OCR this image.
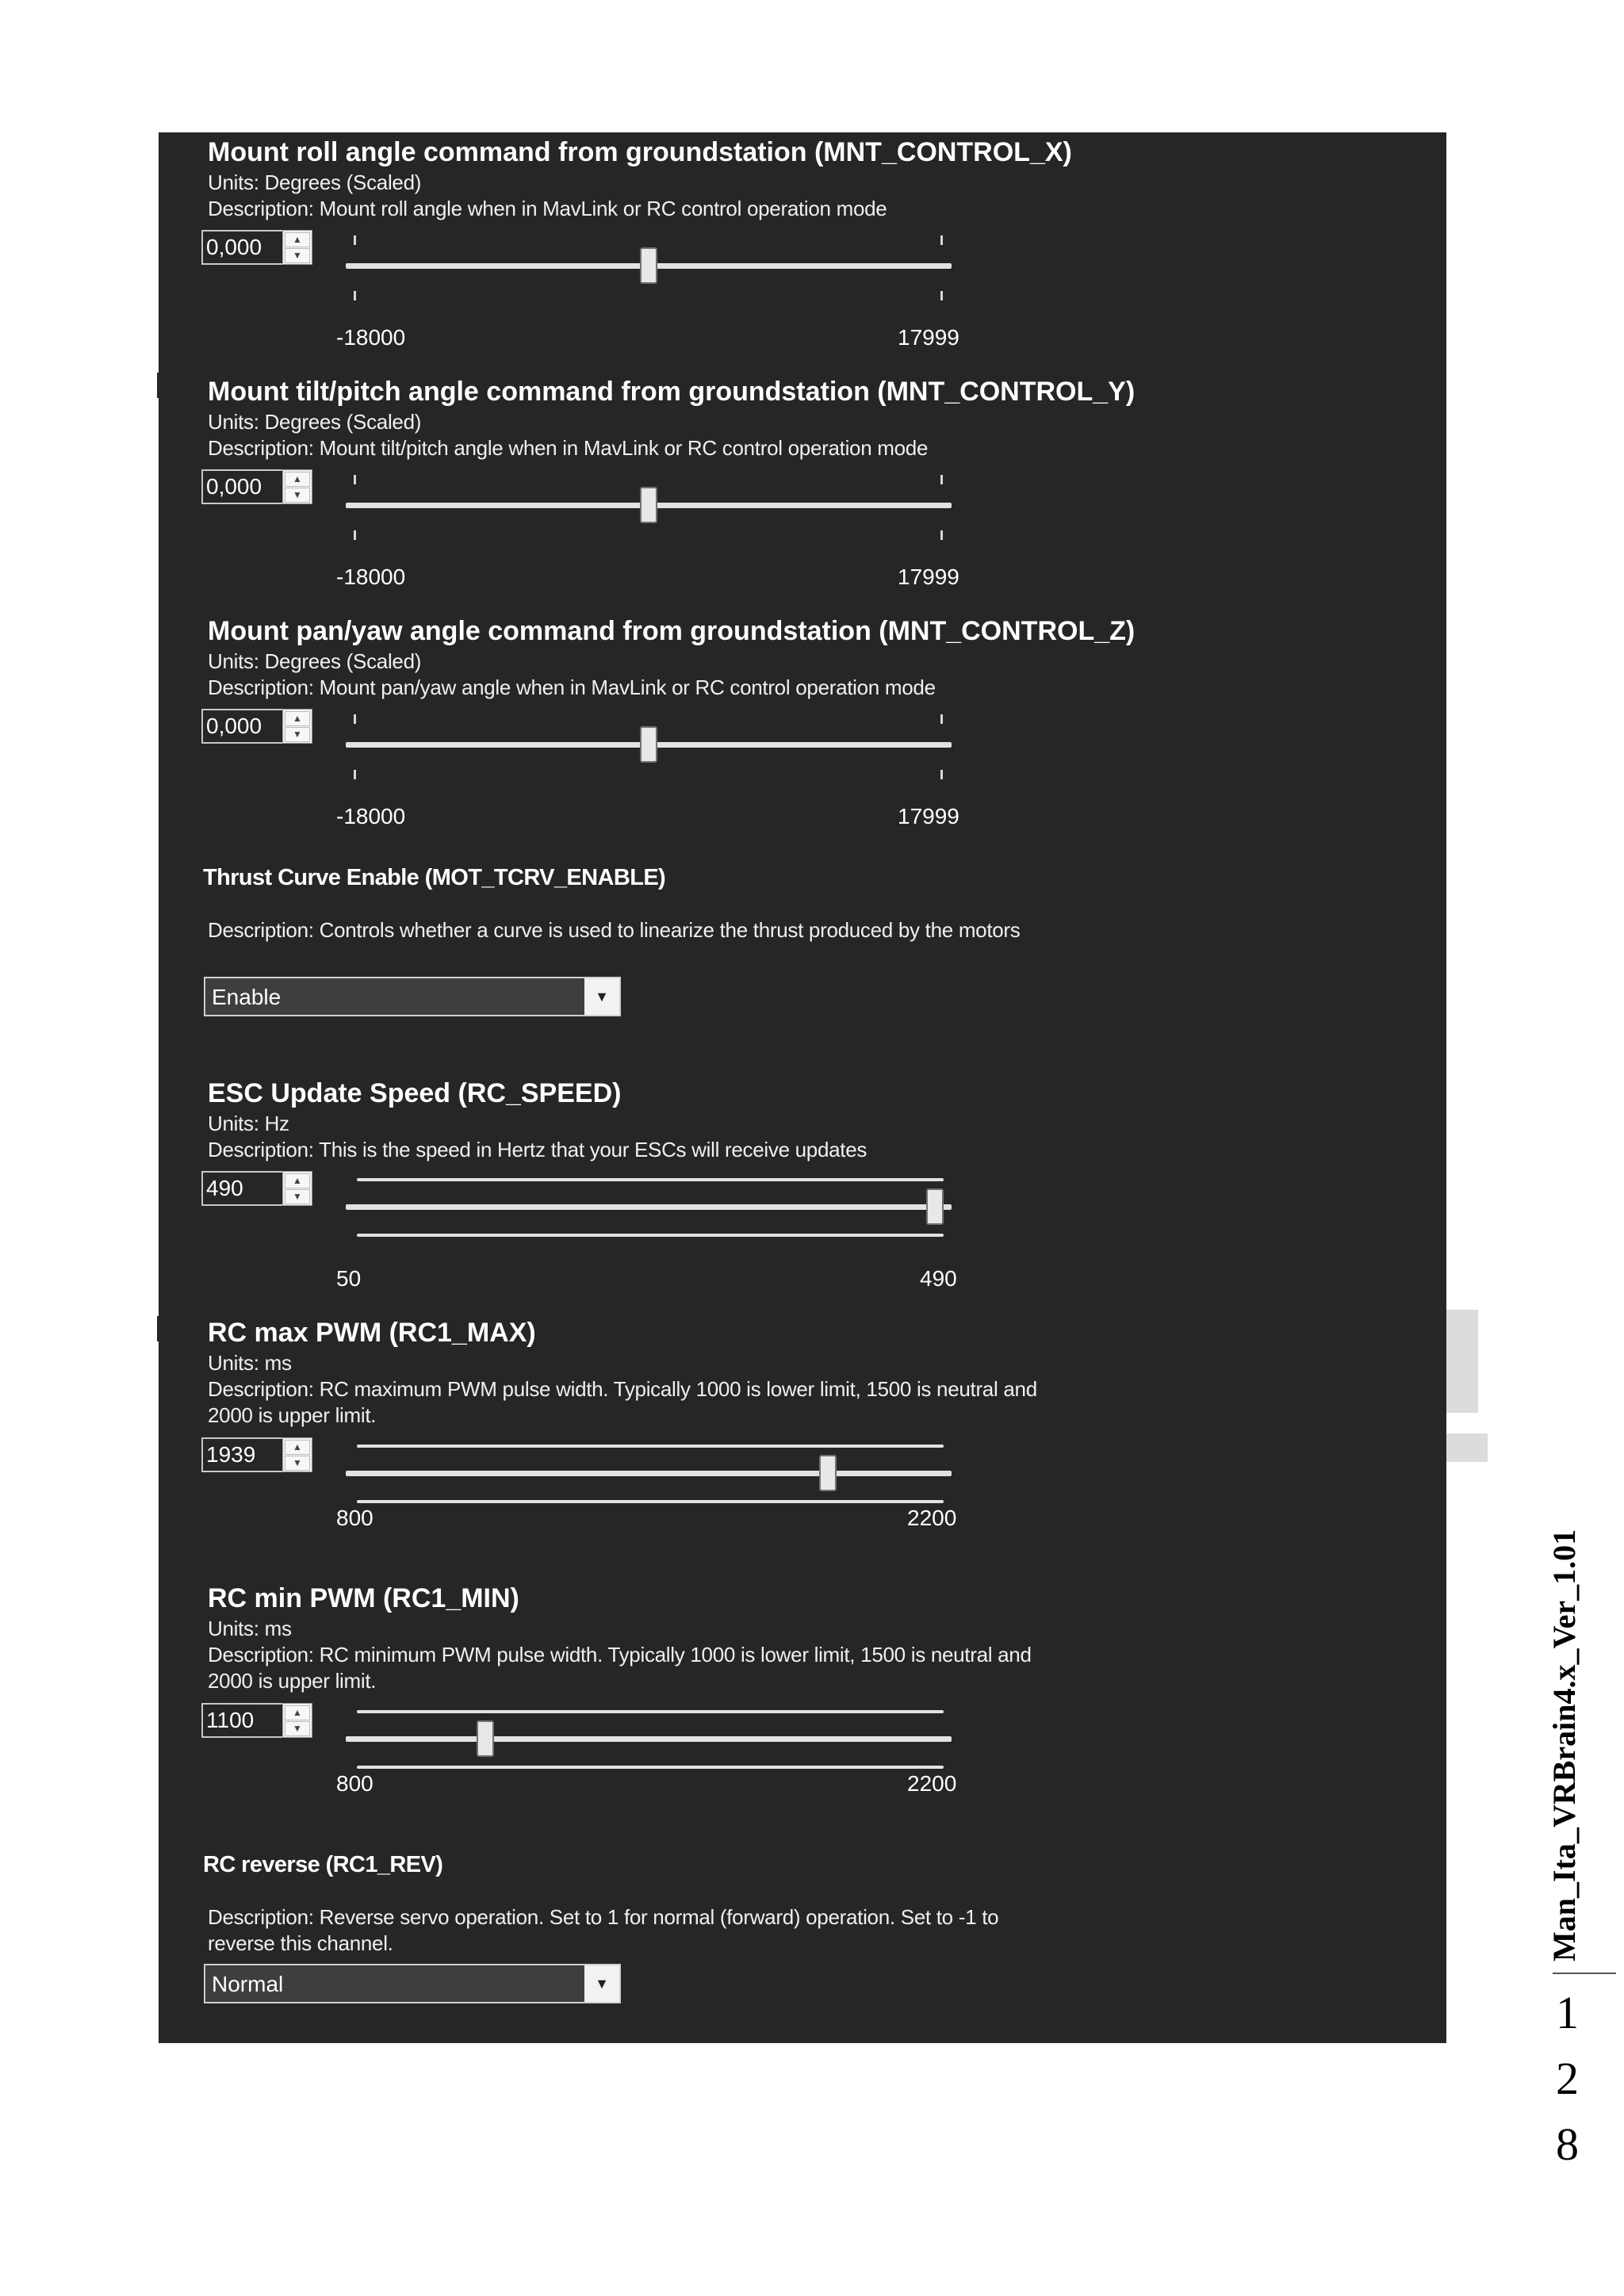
Mount roll angle command from groundstation (MNT_CONTROL_X)
Units: Degrees (Scaled)
Description: Mount roll angle when in MavLink or RC control operation mode
0,000	▲
▼
-18000	17999
Mount tilt/pitch angle command from groundstation (MNT_CONTROL_Y)
Units: Degrees (Scaled)
Description: Mount tilt/pitch angle when in MavLink or RC control operation mode
0,000	▲
▼
-18000	17999
Mount pan/yaw angle command from groundstation (MNT_CONTROL_Z)
Units: Degrees (Scaled)
Description: Mount pan/yaw angle when in MavLink or RC control operation mode
0,000	▲
▼
-18000	17999
Thrust Curve Enable (MOT_TCRV_ENABLE)
Description: Controls whether a curve is used to linearize the thrust produced by the motors
Enable	▼
ESC Update Speed (RC_SPEED)
Units: Hz
Description: This is the speed in Hertz that your ESCs will receive updates
490	▲
▼
50	490
RC max PWM (RC1_MAX)
Units: ms
Description: RC maximum PWM pulse width. Typically 1000 is lower limit, 1500 is neutral and 2000 is upper limit.
1939	▲
▼
800	2200
RC min PWM (RC1_MIN)
Units: ms
Description: RC minimum PWM pulse width. Typically 1000 is lower limit, 1500 is neutral and 2000 is upper limit.
1100	▲
▼
800	2200
RC reverse (RC1_REV)
Description: Reverse servo operation. Set to 1 for normal (forward) operation. Set to -1 to reverse this channel.
Normal	▼
Man_Ita_VRBrain4.x_Ver_1.01
1
2
8
